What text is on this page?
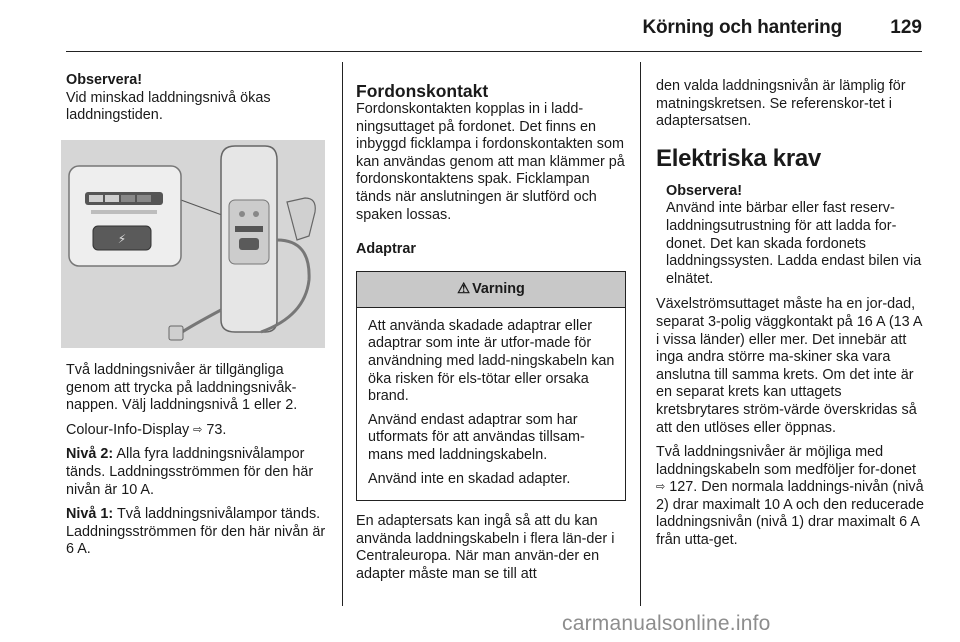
Körning och hantering	129
Observera!
Vid minskad laddningsnivå ökas laddningstiden.
⚡
Två laddningsnivåer är tillgängliga genom att trycka på laddningsnivåk-nappen. Välj laddningsnivå 1 eller 2.
Colour-Info-Display ⇨ 73.
Nivå 2: Alla fyra laddningsnivålampor tänds. Laddningsströmmen för den här nivån är 10 A.
Nivå 1: Två laddningsnivålampor tänds. Laddningsströmmen för den här nivån är 6 A.
Fordonskontakt
Fordonskontakten kopplas in i ladd-ningsuttaget på fordonet. Det finns en inbyggd ficklampa i fordonskontakten som kan användas genom att man klämmer på fordonskontaktens spak. Ficklampan tänds när anslutningen är slutförd och spaken lossas.
Adaptrar
⚠ Varning
Att använda skadade adaptrar eller adaptrar som inte är utfor-made för användning med ladd-ningskabeln kan öka risken för els-tötar eller orsaka brand.
Använd endast adaptrar som har utformats för att användas tillsam-mans med laddningskabeln.
Använd inte en skadad adapter.
En adaptersats kan ingå så att du kan använda laddningskabeln i flera län-der i Centraleuropa. När man använ-der en adapter måste man se till att
den valda laddningsnivån är lämplig för matningskretsen. Se referenskor-tet i adaptersatsen.
Elektriska krav
Observera!
Använd inte bärbar eller fast reserv-laddningsutrustning för att ladda for-donet. Det kan skada fordonets laddningssysten. Ladda endast bilen via elnätet.
Växelströmsuttaget måste ha en jor-dad, separat 3-polig väggkontakt på 16 A (13 A i vissa länder) eller mer. Det innebär att inga andra större ma-skiner ska vara anslutna till samma krets. Om det inte är en separat krets kan uttagets kretsbrytares ström-värde överskridas så att den utlöses eller öppnas.
Två laddningsnivåer är möjliga med laddningskabeln som medföljer for-donet ⇨ 127. Den normala laddnings-nivån (nivå 2) drar maximalt 10 A och den reducerade laddningsnivån (nivå 1) drar maximalt 6 A från utta-get.
carmanualsonline.info
